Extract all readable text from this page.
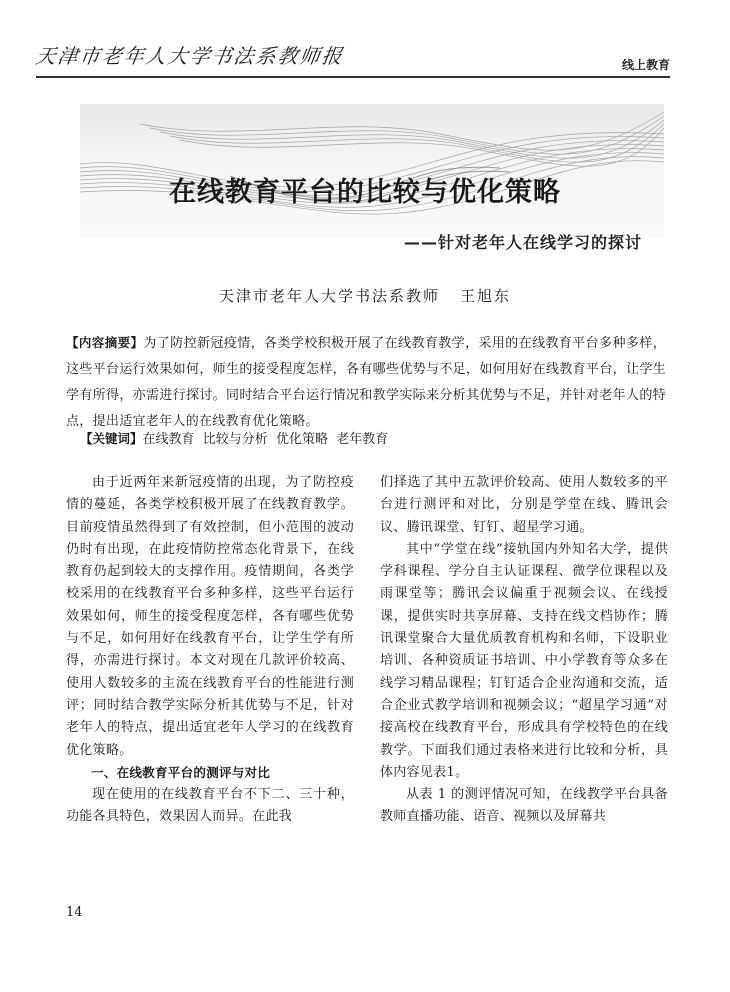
天津市老年人大学书法系教师报	线上教育
在线教育平台的比较与优化策略
——针对老年人在线学习的探讨
天津市老年人大学书法系教师 王旭东
【内容摘要】为了防控新冠疫情，各类学校积极开展了在线教育教学，采用的在线教育平台多种多样，这些平台运行效果如何，师生的接受程度怎样，各有哪些优势与不足，如何用好在线教育平台，让学生学有所得，亦需进行探讨。同时结合平台运行情况和教学实际来分析其优势与不足，并针对老年人的特点，提出适宜老年人的在线教育优化策略。
【关键词】在线教育  比较与分析  优化策略  老年教育

由于近两年来新冠疫情的出现，为了防控疫情的蔓延，各类学校积极开展了在线教育教学。目前疫情虽然得到了有效控制，但小范围的波动仍时有出现，在此疫情防控常态化背景下，在线教育仍起到较大的支撑作用。疫情期间，各类学校采用的在线教育平台多种多样，这些平台运行效果如何，师生的接受程度怎样，各有哪些优势与不足，如何用好在线教育平台，让学生学有所得，亦需进行探讨。本文对现在几款评价较高、使用人数较多的主流在线教育平台的性能进行测评；同时结合教学实际分析其优势与不足，针对老年人的特点，提出适宜老年人学习的在线教育优化策略。

一、在线教育平台的测评与对比

现在使用的在线教育平台不下二、三十种，功能各具特色，效果因人而异。在此我

们择选了其中五款评价较高、使用人数较多的平台进行测评和对比，分别是学堂在线、腾讯会议、腾讯课堂、钉钉、超星学习通。

其中“学堂在线”接轨国内外知名大学，提供学科课程、学分自主认证课程、微学位课程以及雨课堂等；腾讯会议偏重于视频会议、在线授课，提供实时共享屏幕、支持在线文档协作；腾讯课堂聚合大量优质教育机构和名师，下设职业培训、各种资质证书培训、中小学教育等众多在线学习精品课程；钉钉适合企业沟通和交流，适合企业式教学培训和视频会议；“超星学习通”对接高校在线教育平台，形成具有学校特色的在线教学。下面我们通过表格来进行比较和分析，具体内容见表1。

从表 1 的测评情况可知，在线教学平台具备教师直播功能、语音、视频以及屏幕共

14
